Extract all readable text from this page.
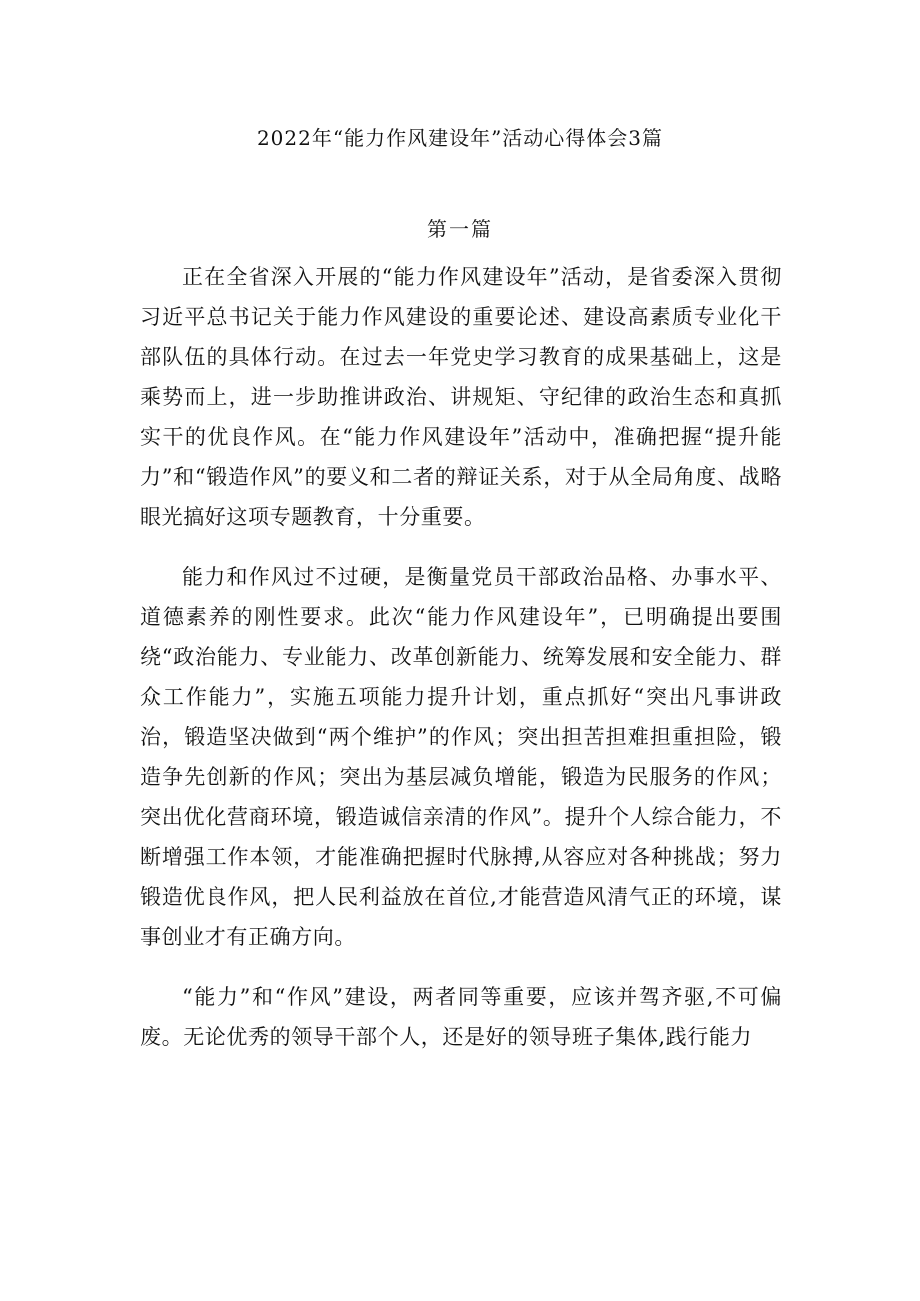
2022年“能力作风建设年”活动心得体会3篇
第一篇

正在全省深入开展的“能力作风建设年”活动，是省委深入贯彻习近平总书记关于能力作风建设的重要论述、建设高素质专业化干部队伍的具体行动。在过去一年党史学习教育的成果基础上，这是乘势而上，进一步助推讲政治、讲规矩、守纪律的政治生态和真抓实干的优良作风。在“能力作风建设年”活动中，准确把握“提升能力”和“锻造作风”的要义和二者的辩证关系，对于从全局角度、战略眼光搞好这项专题教育，十分重要。

能力和作风过不过硬，是衡量党员干部政治品格、办事水平、道德素养的刚性要求。此次“能力作风建设年”，已明确提出要围绕“政治能力、专业能力、改革创新能力、统筹发展和安全能力、群众工作能力”，实施五项能力提升计划，重点抓好“突出凡事讲政治，锻造坚决做到“两个维护”的作风；突出担苦担难担重担险，锻造争先创新的作风；突出为基层减负增能，锻造为民服务的作风；突出优化营商环境，锻造诚信亲清的作风”。提升个人综合能力，不断增强工作本领，才能准确把握时代脉搏,从容应对各种挑战；努力锻造优良作风，把人民利益放在首位,才能营造风清气正的环境，谋事创业才有正确方向。

“能力”和“作风”建设，两者同等重要，应该并驾齐驱,不可偏废。无论优秀的领导干部个人，还是好的领导班子集体,践行能力
